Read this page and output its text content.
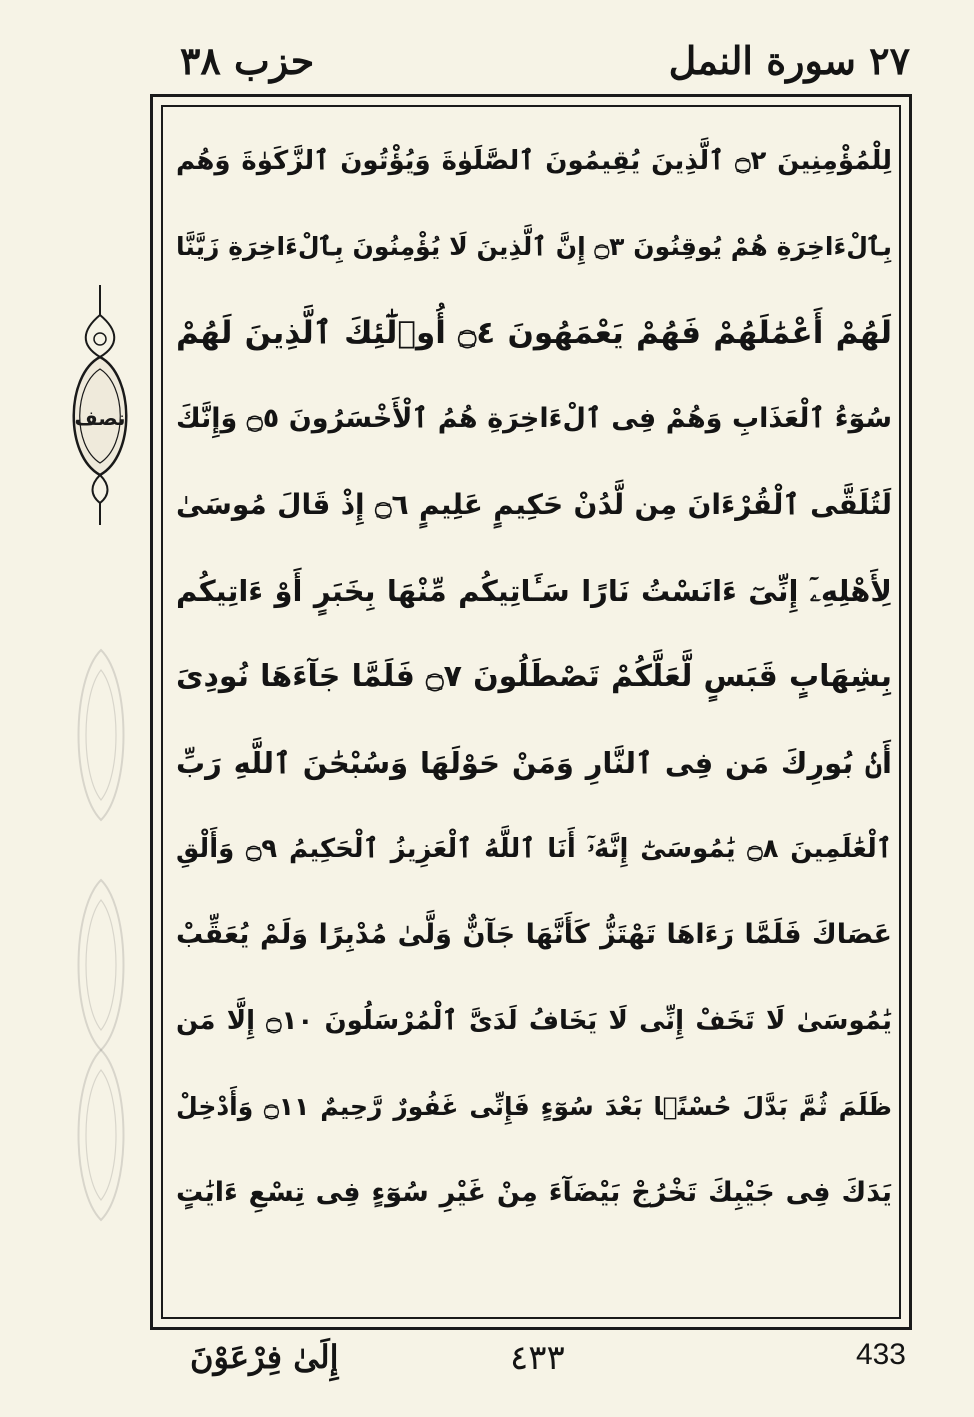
حزب ٣٨	٢٧ سورة النمل
لِلْمُؤْمِنِينَ ۝٢ ٱلَّذِينَ يُقِيمُونَ ٱلصَّلَوٰةَ وَيُؤْتُونَ ٱلزَّكَوٰةَ وَهُم
بِٱلْءَاخِرَةِ هُمْ يُوقِنُونَ ۝٣ إِنَّ ٱلَّذِينَ لَا يُؤْمِنُونَ بِٱلْءَاخِرَةِ زَيَّنَّا
لَهُمْ أَعْمَٰلَهُمْ فَهُمْ يَعْمَهُونَ ۝٤ أُو۟لَٰٓئِكَ ٱلَّذِينَ لَهُمْ
سُوٓءُ ٱلْعَذَابِ وَهُمْ فِى ٱلْءَاخِرَةِ هُمُ ٱلْأَخْسَرُونَ ۝٥ وَإِنَّكَ
لَتُلَقَّى ٱلْقُرْءَانَ مِن لَّدُنْ حَكِيمٍ عَلِيمٍ ۝٦ إِذْ قَالَ مُوسَىٰ
لِأَهْلِهِۦٓ إِنِّىٓ ءَانَسْتُ نَارًا سَـَٔاتِيكُم مِّنْهَا بِخَبَرٍ أَوْ ءَاتِيكُم
بِشِهَابٍ قَبَسٍ لَّعَلَّكُمْ تَصْطَلُونَ ۝٧ فَلَمَّا جَآءَهَا نُودِىَ
أَنۢ بُورِكَ مَن فِى ٱلنَّارِ وَمَنْ حَوْلَهَا وَسُبْحَٰنَ ٱللَّهِ رَبِّ
ٱلْعَٰلَمِينَ ۝٨ يَٰمُوسَىٰٓ إِنَّهُۥٓ أَنَا ٱللَّهُ ٱلْعَزِيزُ ٱلْحَكِيمُ ۝٩ وَأَلْقِ
عَصَاكَ فَلَمَّا رَءَاهَا تَهْتَزُّ كَأَنَّهَا جَآنٌّ وَلَّىٰ مُدْبِرًا وَلَمْ يُعَقِّبْ
يَٰمُوسَىٰ لَا تَخَفْ إِنِّى لَا يَخَافُ لَدَىَّ ٱلْمُرْسَلُونَ ۝١٠ إِلَّا مَن
ظَلَمَ ثُمَّ بَدَّلَ حُسْنًۢا بَعْدَ سُوٓءٍ فَإِنِّى غَفُورٌ رَّحِيمٌ ۝١١ وَأَدْخِلْ
يَدَكَ فِى جَيْبِكَ تَخْرُجْ بَيْضَآءَ مِنْ غَيْرِ سُوٓءٍ فِى تِسْعِ ءَايَٰتٍ
نصف
إِلَىٰ فِرْعَوْنَ	٤٣٣	433
